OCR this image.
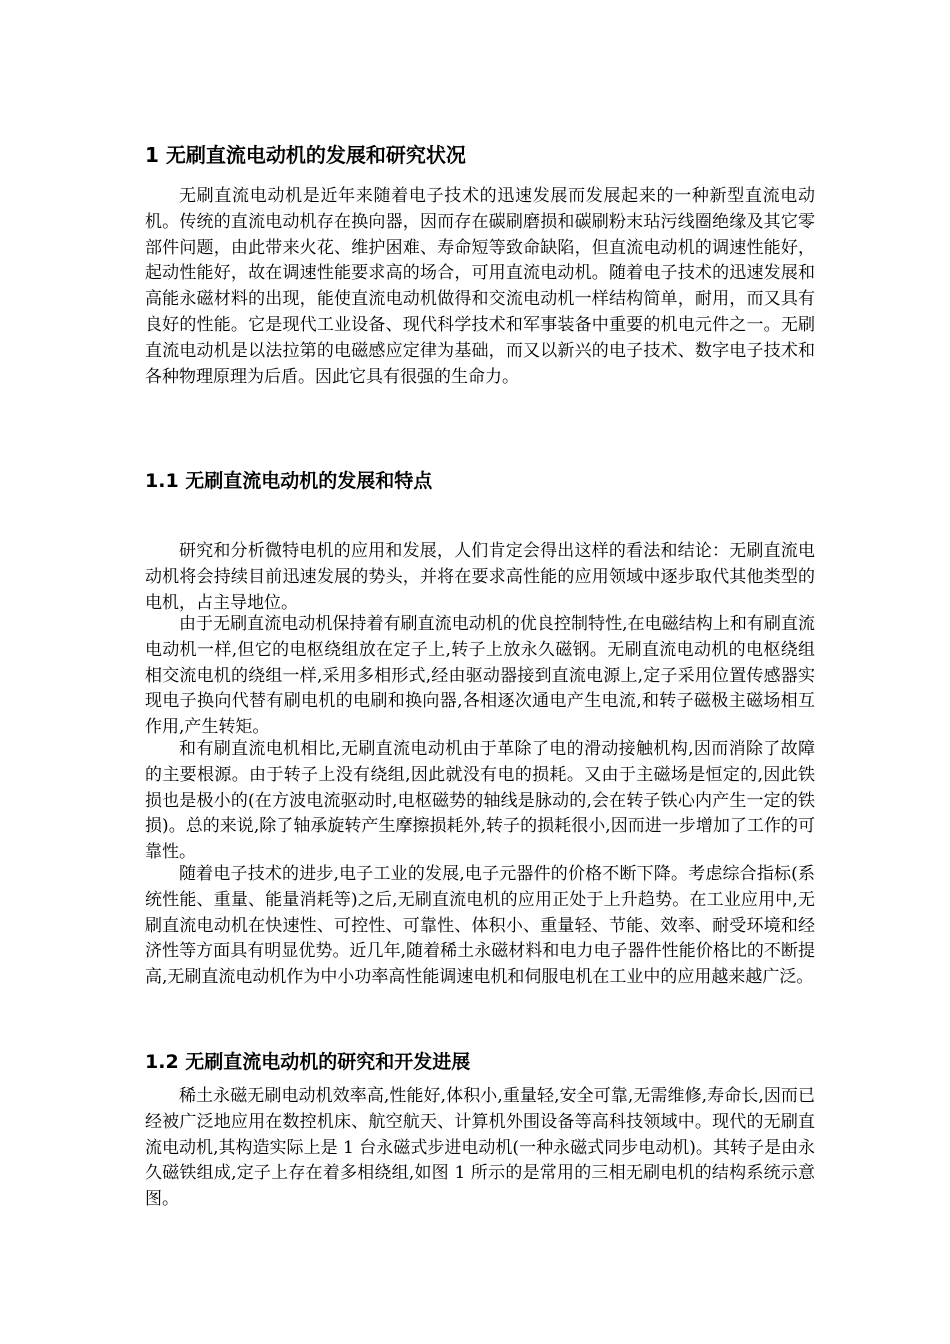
1 无刷直流电动机的发展和研究状况

无刷直流电动机是近年来随着电子技术的迅速发展而发展起来的一种新型直流电动机。传统的直流电动机存在换向器，因而存在碳刷磨损和碳刷粉末玷污线圈绝缘及其它零部件问题，由此带来火花、维护困难、寿命短等致命缺陷，但直流电动机的调速性能好，起动性能好，故在调速性能要求高的场合，可用直流电动机。随着电子技术的迅速发展和高能永磁材料的出现，能使直流电动机做得和交流电动机一样结构简单，耐用，而又具有良好的性能。它是现代工业设备、现代科学技术和军事装备中重要的机电元件之一。无刷直流电动机是以法拉第的电磁感应定律为基础，而又以新兴的电子技术、数字电子技术和各种物理原理为后盾。因此它具有很强的生命力。

1.1 无刷直流电动机的发展和特点

研究和分析微特电机的应用和发展，人们肯定会得出这样的看法和结论：无刷直流电动机将会持续目前迅速发展的势头，并将在要求高性能的应用领域中逐步取代其他类型的电机，占主导地位。

由于无刷直流电动机保持着有刷直流电动机的优良控制特性,在电磁结构上和有刷直流电动机一样,但它的电枢绕组放在定子上,转子上放永久磁钢。无刷直流电动机的电枢绕组相交流电机的绕组一样,采用多相形式,经由驱动器接到直流电源上,定子采用位置传感器实现电子换向代替有刷电机的电刷和换向器,各相逐次通电产生电流,和转子磁极主磁场相互作用,产生转矩。

和有刷直流电机相比,无刷直流电动机由于革除了电的滑动接触机构,因而消除了故障的主要根源。由于转子上没有绕组,因此就没有电的损耗。又由于主磁场是恒定的,因此铁损也是极小的(在方波电流驱动时,电枢磁势的轴线是脉动的,会在转子铁心内产生一定的铁损)。总的来说,除了轴承旋转产生摩擦损耗外,转子的损耗很小,因而进一步增加了工作的可靠性。

随着电子技术的进步,电子工业的发展,电子元器件的价格不断下降。考虑综合指标(系统性能、重量、能量消耗等)之后,无刷直流电机的应用正处于上升趋势。在工业应用中,无刷直流电动机在快速性、可控性、可靠性、体积小、重量轻、节能、效率、耐受环境和经济性等方面具有明显优势。近几年,随着稀土永磁材料和电力电子器件性能价格比的不断提高,无刷直流电动机作为中小功率高性能调速电机和伺服电机在工业中的应用越来越广泛。

1.2 无刷直流电动机的研究和开发进展

稀土永磁无刷电动机效率高,性能好,体积小,重量轻,安全可靠,无需维修,寿命长,因而已经被广泛地应用在数控机床、航空航天、计算机外围设备等高科技领域中。现代的无刷直流电动机,其构造实际上是 1 台永磁式步进电动机(一种永磁式同步电动机)。其转子是由永久磁铁组成,定子上存在着多相绕组,如图 1 所示的是常用的三相无刷电机的结构系统示意图。
